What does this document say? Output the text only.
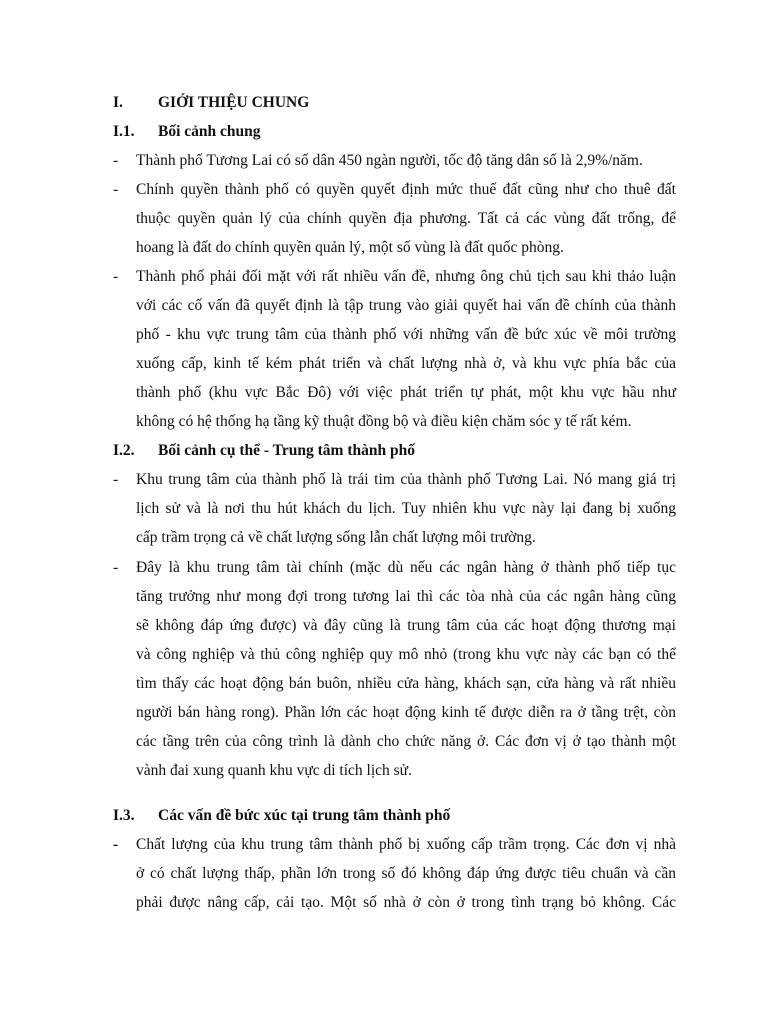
I. GIỚI THIỆU CHUNG
I.1. Bối cảnh chung
- Thành phố Tương Lai có số dân 450 ngàn người, tốc độ tăng dân số là 2,9%/năm.
- Chính quyền thành phố có quyền quyết định mức thuế đất cũng như cho thuê đất
thuộc quyền quản lý của chính quyền địa phương. Tất cả các vùng đất trống, để
hoang là đất do chính quyền quản lý, một số vùng là đất quốc phòng.
- Thành phố phải đối mặt với rất nhiều vấn đề, nhưng ông chủ tịch sau khi thảo luận
với các cố vấn đã quyết định là tập trung vào giải quyết hai vấn đề chính của thành
phố - khu vực trung tâm của thành phố với những vấn đề bức xúc về môi trường
xuống cấp, kinh tế kém phát triển và chất lượng nhà ở, và khu vực phía bắc của
thành phố (khu vực Bắc Đô) với việc phát triển tự phát, một khu vực hầu như
không có hệ thống hạ tầng kỹ thuật đồng bộ và điều kiện chăm sóc y tế rất kém.
I.2. Bối cảnh cụ thể - Trung tâm thành phố
- Khu trung tâm của thành phố là trái tim của thành phố Tương Lai. Nó mang giá trị
lịch sử và là nơi thu hút khách du lịch. Tuy nhiên khu vực này lại đang bị xuống
cấp trầm trọng cả về chất lượng sống lẫn chất lượng môi trường.
- Đây là khu trung tâm tài chính (mặc dù nếu các ngân hàng ở thành phố tiếp tục
tăng trưởng như mong đợi trong tương lai thì các tòa nhà của các ngân hàng cũng
sẽ không đáp ứng được) và đây cũng là trung tâm của các hoạt động thương mại
và công nghiệp và thủ công nghiệp quy mô nhỏ (trong khu vực này các bạn có thể
tìm thấy các hoạt động bán buôn, nhiều cửa hàng, khách sạn, cửa hàng và rất nhiều
người bán hàng rong). Phần lớn các hoạt động kinh tế được diễn ra ở tầng trệt, còn
các tầng trên của công trình là dành cho chức năng ở. Các đơn vị ở tạo thành một
vành đai xung quanh khu vực di tích lịch sử.
I.3. Các vấn đề bức xúc tại trung tâm thành phố
- Chất lượng của khu trung tâm thành phố bị xuống cấp trầm trọng. Các đơn vị nhà
ở có chất lượng thấp, phần lớn trong số đó không đáp ứng được tiêu chuẩn và cần
phải được nâng cấp, cải tạo. Một số nhà ở còn ở trong tình trạng bỏ không. Các
